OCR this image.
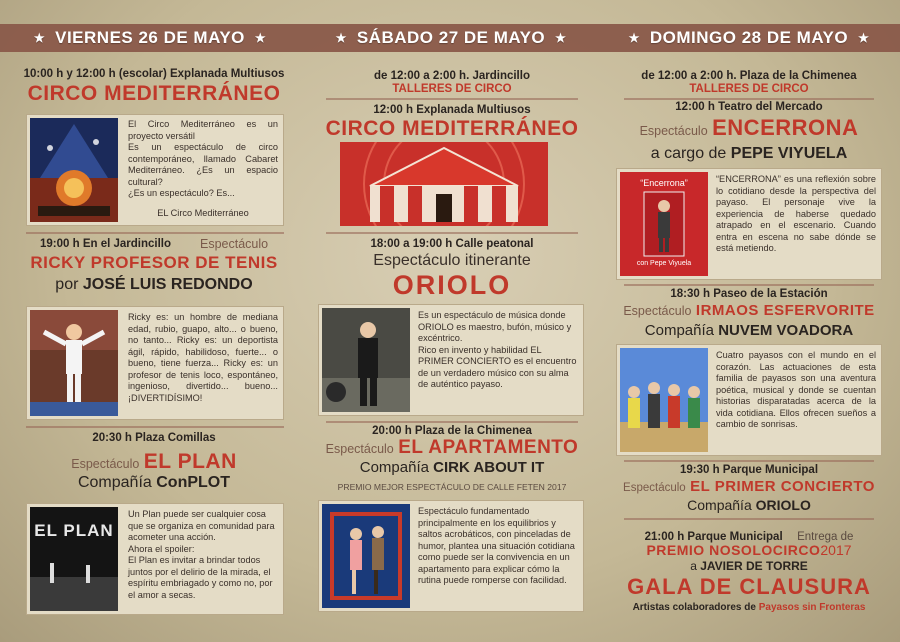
★ VIERNES 26 DE MAYO ★	★ SÁBADO 27 DE MAYO ★	★ DOMINGO 28 DE MAYO ★
10:00 h y 12:00 h (escolar) Explanada Multiusos
CIRCO MEDITERRÁNEO
El Circo Mediterráneo es un proyecto versátil
Es un espectáculo de circo contemporáneo, llamado Cabaret Mediterráneo. ¿Es un espacio cultural?
¿Es un espectáculo? Es...
EL Circo Mediterráneo
19:00 h En el Jardincillo Espectáculo
RICKY PROFESOR DE TENIS
por JOSÉ LUIS REDONDO
Ricky es: un hombre de mediana edad, rubio, guapo, alto... o bueno, no tanto... Ricky es: un deportista ágil, rápido, habilidoso, fuerte... o bueno, tiene fuerza... Ricky es: un profesor de tenis loco, espontáneo, ingenioso, divertido... bueno... ¡DIVERTIDÍSIMO!
20:30 h Plaza Comillas
Espectáculo EL PLAN
Compañía ConPLOT
EL PLAN
Un Plan puede ser cualquier cosa que se organiza en comunidad para acometer una acción.
Ahora el spoiler:
El Plan es invitar a brindar todos juntos por el delirio de la mirada, el espíritu embriagado y como no, por el amor a secas.
de 12:00 a 2:00 h. Jardincillo
TALLERES DE CIRCO
12:00 h Explanada Multiusos
CIRCO MEDITERRÁNEO
18:00 a 19:00 h Calle peatonal
Espectáculo itinerante
ORIOLO
Es un espectáculo de música donde ORIOLO es maestro, bufón, músico y excéntrico.
Rico en invento y habilidad EL PRIMER CONCIERTO es el encuentro de un verdadero músico con su alma de auténtico payaso.
20:00 h Plaza de la Chimenea
Espectáculo EL APARTAMENTO
Compañía CIRK ABOUT IT
PREMIO MEJOR ESPECTÁCULO DE CALLE FETEN 2017
Espectáculo fundamentado principalmente en los equilibrios y saltos acrobáticos, con pinceladas de humor, plantea una situación cotidiana como puede ser la convivencia en un apartamento para explicar cómo la rutina puede romperse con facilidad.
de 12:00 a 2:00 h. Plaza de la Chimenea
TALLERES DE CIRCO
12:00 h Teatro del Mercado
Espectáculo ENCERRONA
a cargo de PEPE VIYUELA
“Encerrona”
con Pepe Viyuela
“ENCERRONA” es una reflexión sobre lo cotidiano desde la perspectiva del payaso. El personaje vive la experiencia de haberse quedado atrapado en el escenario. Cuando entra en escena no sabe dónde se está metiendo.
18:30 h Paseo de la Estación
Espectáculo IRMAOS ESFERVORITE
Compañía NUVEM VOADORA
Cuatro payasos con el mundo en el corazón. Las actuaciones de esta familia de payasos son una aventura poética, musical y donde se cuentan historias disparatadas acerca de la vida cotidiana. Ellos ofrecen sueños a cambio de sonrisas.
19:30 h Parque Municipal
Espectáculo EL PRIMER CONCIERTO
Compañía ORIOLO
21:00 h Parque Municipal Entrega de
PREMIO NOSOLOCIRCO2017
a JAVIER DE TORRE
GALA DE CLAUSURA
Artistas colaboradores de Payasos sin Fronteras
